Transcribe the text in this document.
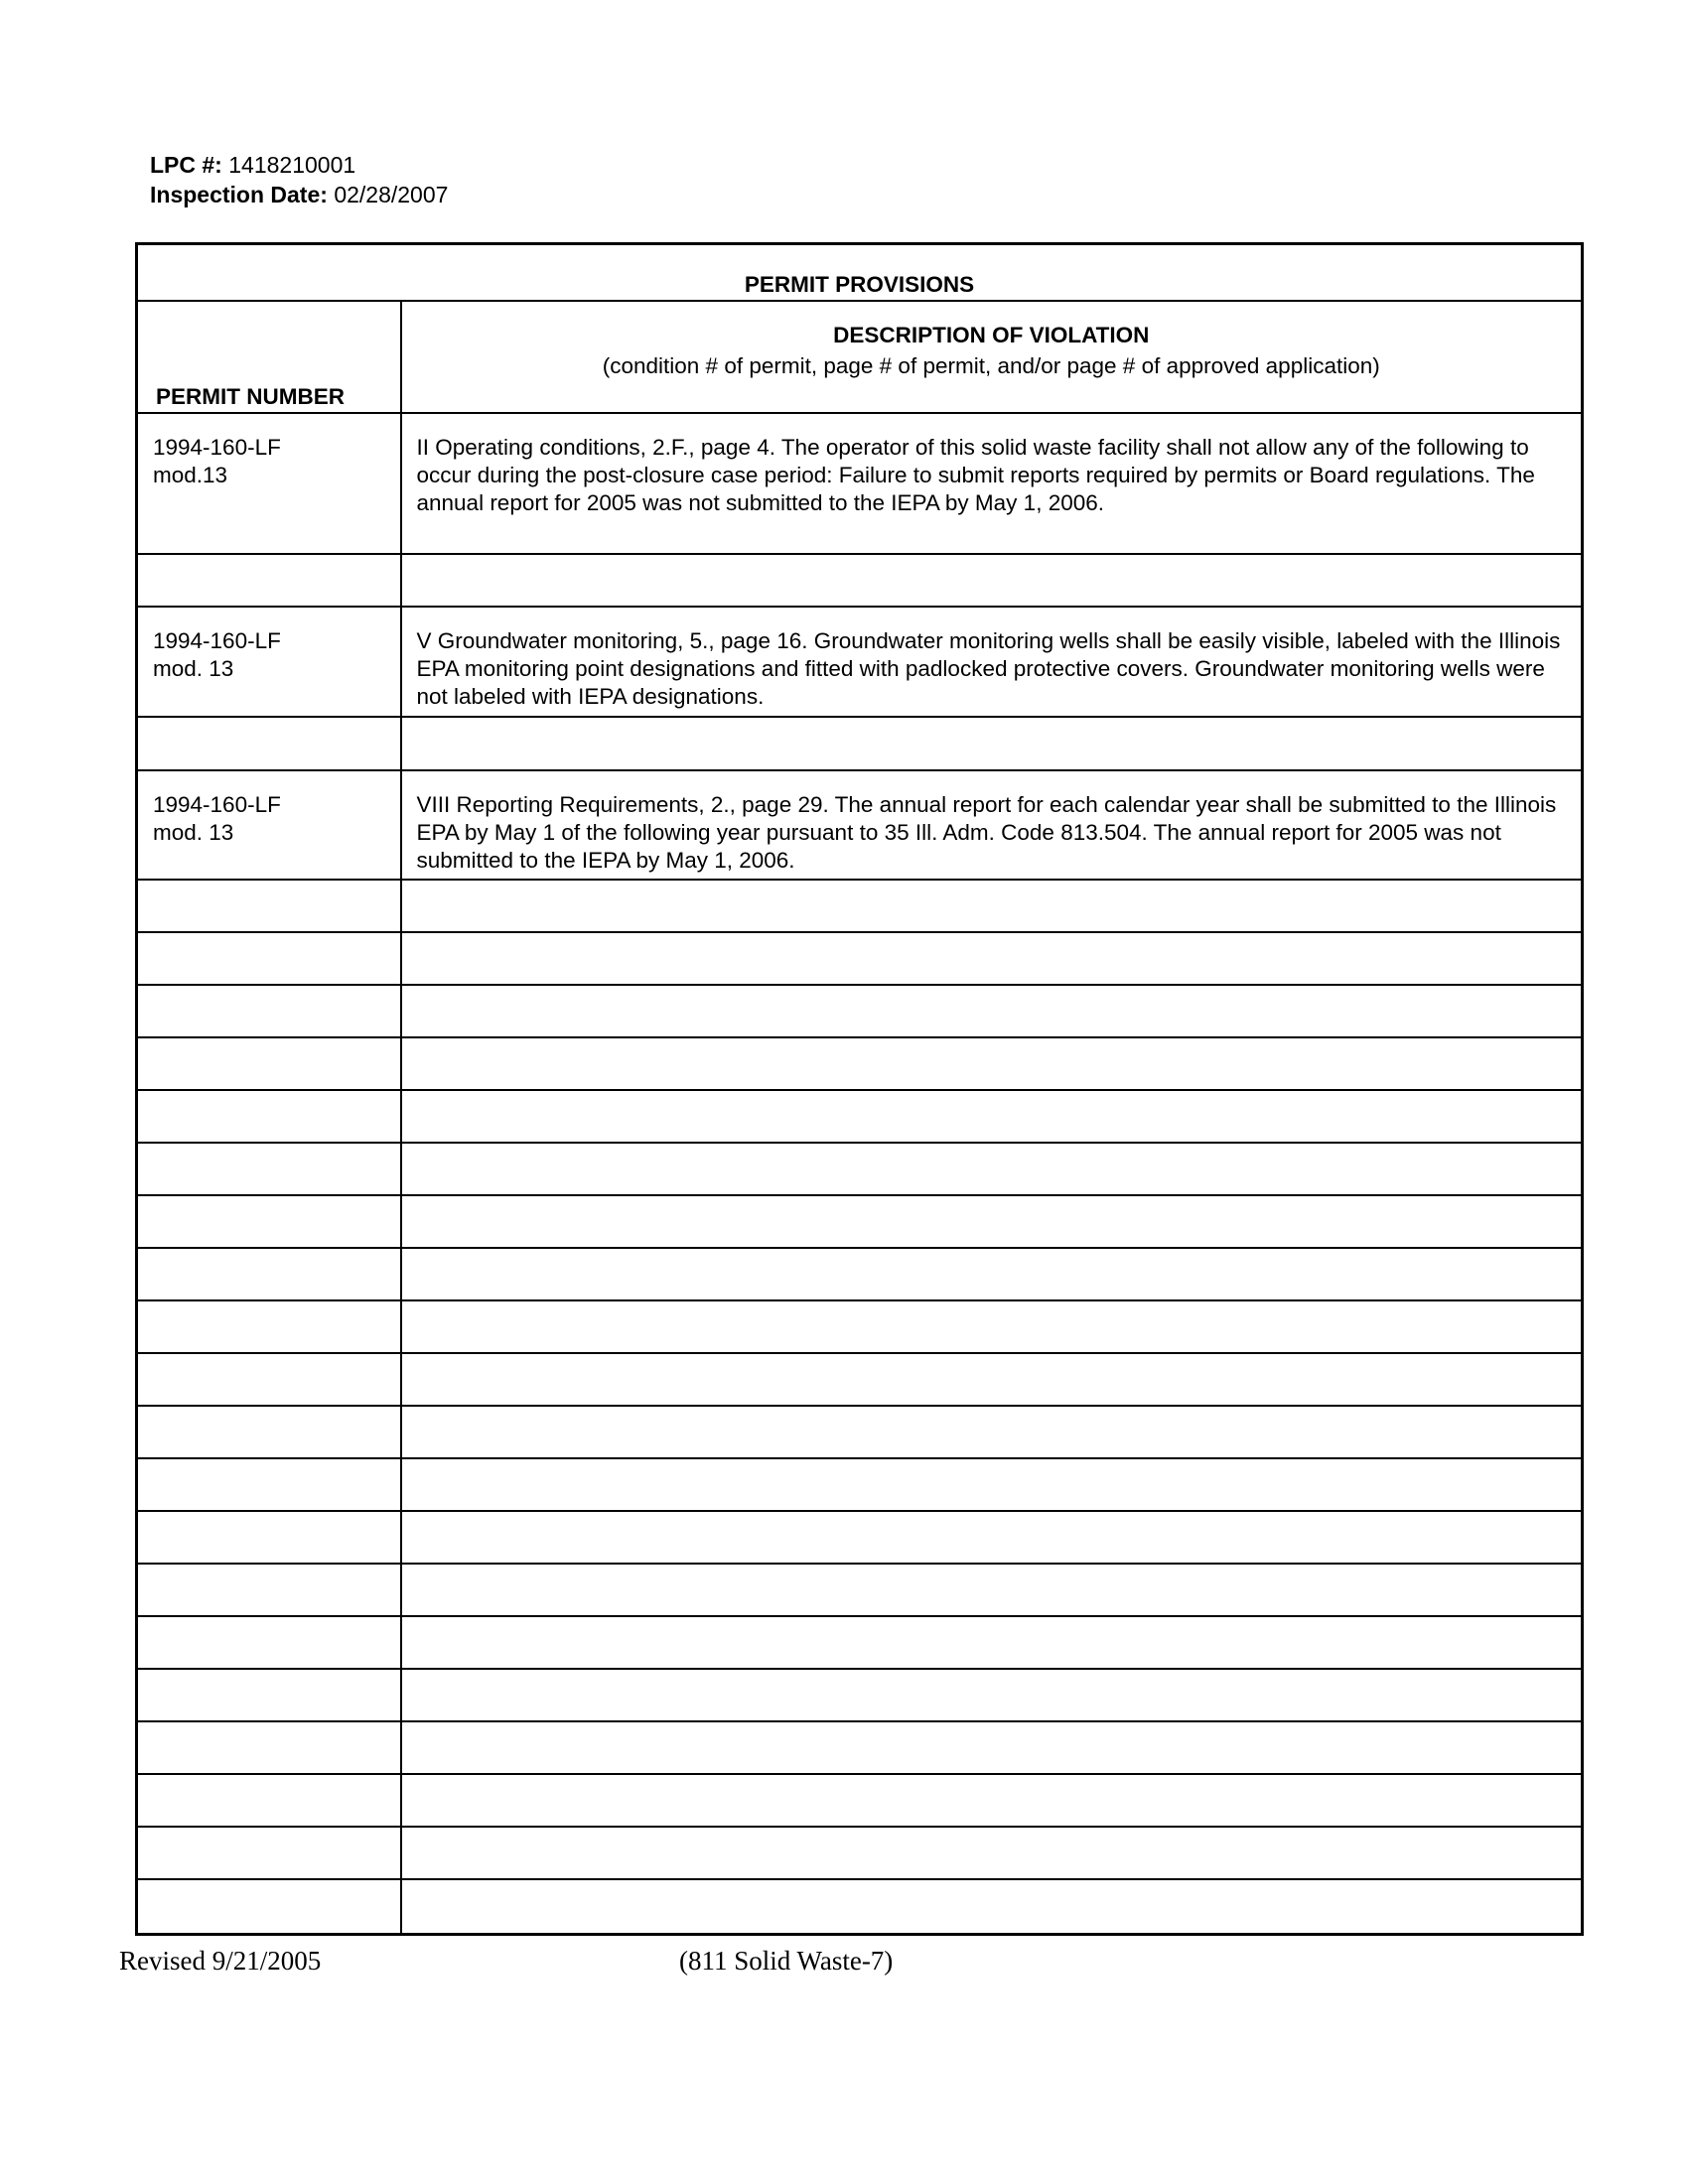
LPC #: 1418210001
Inspection Date: 02/28/2007
PERMIT PROVISIONS	
PERMIT NUMBER	DESCRIPTION OF VIOLATION
(condition # of permit, page # of permit, and/or page # of approved application)

1994-160-LF
mod.13	II Operating conditions, 2.F., page 4. The operator of this solid waste facility shall not allow any of the following to occur during the post-closure case period: Failure to submit reports required by permits or Board regulations. The annual report for 2005 was not submitted to the IEPA by May 1, 2006.

1994-160-LF
mod. 13	V Groundwater monitoring, 5., page 16. Groundwater monitoring wells shall be easily visible, labeled with the Illinois EPA monitoring point designations and fitted with padlocked protective covers. Groundwater monitoring wells were not labeled with IEPA designations.

1994-160-LF
mod. 13	VIII Reporting Requirements, 2., page 29. The annual report for each calendar year shall be submitted to the Illinois EPA by May 1 of the following year pursuant to 35 Ill. Adm. Code 813.504. The annual report for 2005 was not submitted to the IEPA by May 1, 2006.

Revised 9/21/2005	(811 Solid Waste-7)
